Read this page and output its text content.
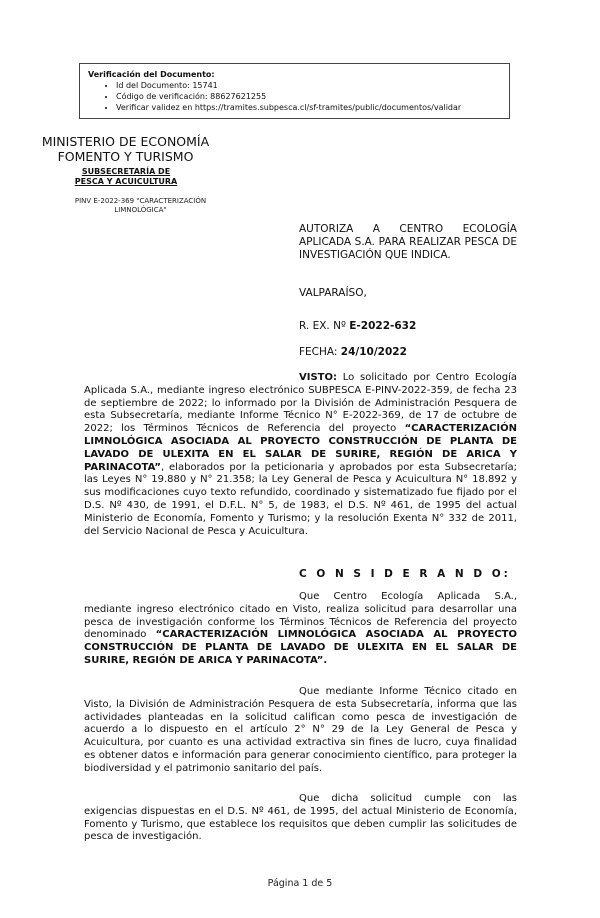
Verificación del Documento:
• Id del Documento: 15741
• Código de verificación: 88627621255
• Verificar validez en https://tramites.subpesca.cl/sf-tramites/public/documentos/validar
MINISTERIO DE ECONOMÍA
FOMENTO Y TURISMO
SUBSECRETARÍA DE PESCA Y ACUICULTURA
PINV E-2022-369 "CARACTERIZACIÓN LIMNOLÓGICA"
AUTORIZA A CENTRO ECOLOGÍA APLICADA S.A. PARA REALIZAR PESCA DE INVESTIGACIÓN QUE INDICA.
VALPARAÍSO,
R. EX. Nº E-2022-632
FECHA: 24/10/2022
VISTO: Lo solicitado por Centro Ecología Aplicada S.A., mediante ingreso electrónico SUBPESCA E-PINV-2022-359, de fecha 23 de septiembre de 2022; lo informado por la División de Administración Pesquera de esta Subsecretaría, mediante Informe Técnico N° E-2022-369, de 17 de octubre de 2022; los Términos Técnicos de Referencia del proyecto “CARACTERIZACIÓN LIMNOLÓGICA ASOCIADA AL PROYECTO CONSTRUCCIÓN DE PLANTA DE LAVADO DE ULEXITA EN EL SALAR DE SURIRE, REGIÓN DE ARICA Y PARINACOTA”, elaborados por la peticionaria y aprobados por esta Subsecretaría; las Leyes N° 19.880 y N° 21.358; la Ley General de Pesca y Acuicultura N° 18.892 y sus modificaciones cuyo texto refundido, coordinado y sistematizado fue fijado por el D.S. Nº 430, de 1991, el D.F.L. N° 5, de 1983, el D.S. Nº 461, de 1995 del actual Ministerio de Economía, Fomento y Turismo; y la resolución Exenta N° 332 de 2011, del Servicio Nacional de Pesca y Acuicultura.
C O N S I D E R A N D O:
Que Centro Ecología Aplicada S.A., mediante ingreso electrónico citado en Visto, realiza solicitud para desarrollar una pesca de investigación conforme los Términos Técnicos de Referencia del proyecto denominado “CARACTERIZACIÓN LIMNOLÓGICA ASOCIADA AL PROYECTO CONSTRUCCIÓN DE PLANTA DE LAVADO DE ULEXITA EN EL SALAR DE SURIRE, REGIÓN DE ARICA Y PARINACOTA”.
Que mediante Informe Técnico citado en Visto, la División de Administración Pesquera de esta Subsecretaría, informa que las actividades planteadas en la solicitud califican como pesca de investigación de acuerdo a lo dispuesto en el artículo 2° N° 29 de la Ley General de Pesca y Acuicultura, por cuanto es una actividad extractiva sin fines de lucro, cuya finalidad es obtener datos e información para generar conocimiento científico, para proteger la biodiversidad y el patrimonio sanitario del país.
Que dicha solicitud cumple con las exigencias dispuestas en el D.S. Nº 461, de 1995, del actual Ministerio de Economía, Fomento y Turismo, que establece los requisitos que deben cumplir las solicitudes de pesca de investigación.
Página 1 de 5
